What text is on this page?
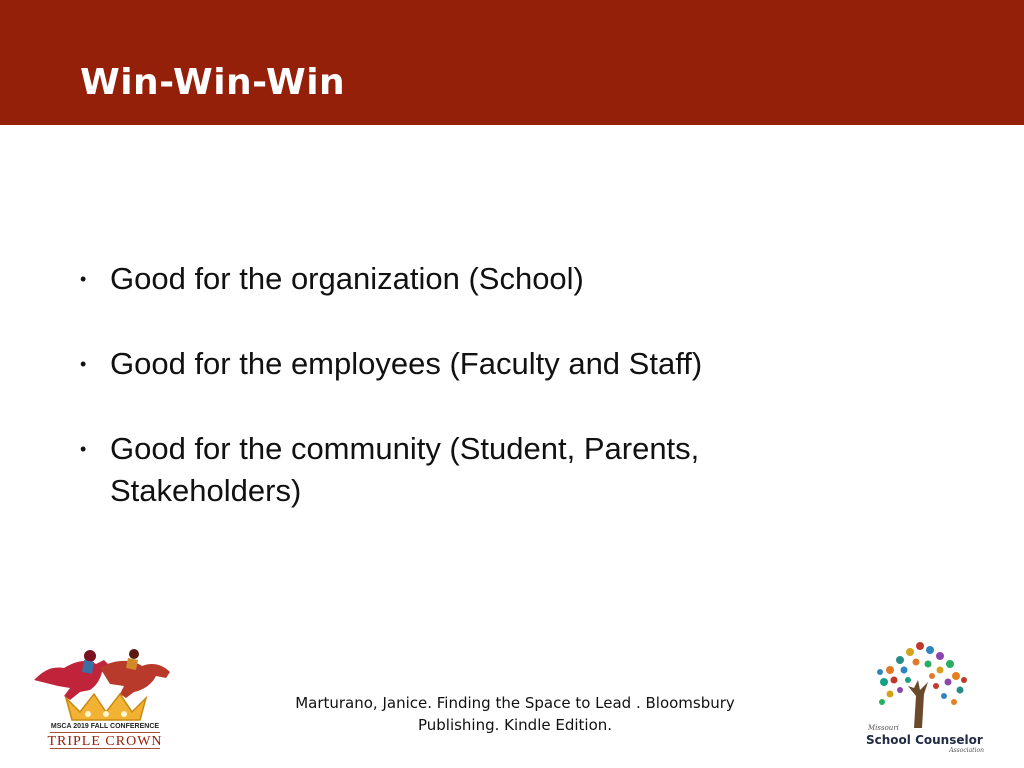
Win-Win-Win
• Good for the organization (School)
• Good for the employees (Faculty and Staff)
• Good for the community (Student, Parents, Stakeholders)
Marturano, Janice. Finding the Space to Lead . Bloomsbury
Publishing. Kindle Edition.
MSCA 2019 FALL CONFERENCE
TRIPLE CROWN
Missouri
School Counselor
Association
